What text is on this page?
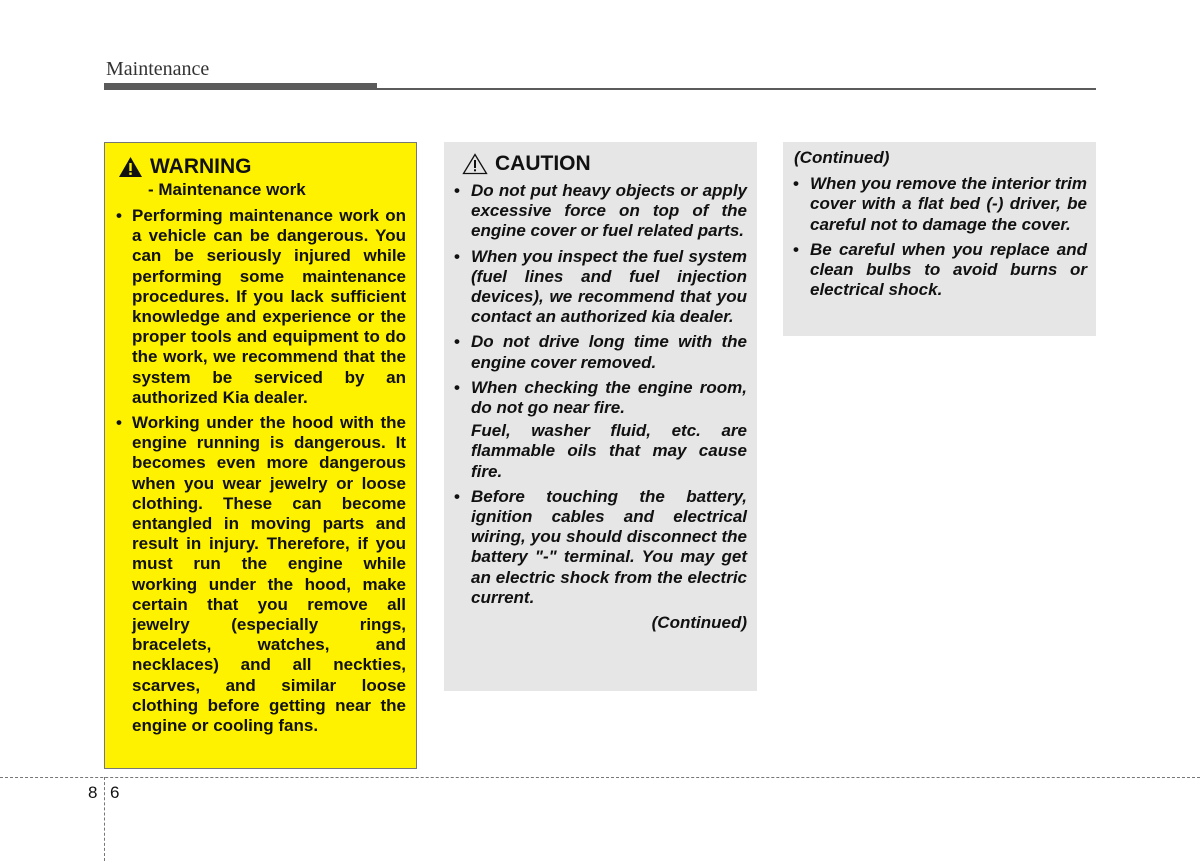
Maintenance
WARNING
- Maintenance work
• Performing maintenance work on a vehicle can be dangerous. You can be seriously injured while performing some maintenance procedures. If you lack sufficient knowledge and experience or the proper tools and equipment to do the work, we recommend that the system be serviced by an authorized Kia dealer.
• Working under the hood with the engine running is dangerous. It becomes even more dangerous when you wear jewelry or loose clothing. These can become entangled in moving parts and result in injury. Therefore, if you must run the engine while working under the hood, make certain that you remove all jewelry (especially rings, bracelets, watches, and necklaces) and all neckties, scarves, and similar loose clothing before getting near the engine or cooling fans.
CAUTION
• Do not put heavy objects or apply excessive force on top of the engine cover or fuel related parts.
• When you inspect the fuel system (fuel lines and fuel injection devices), we recommend that you contact an authorized kia dealer.
• Do not drive long time with the engine cover removed.
• When checking the engine room, do not go near fire.
Fuel, washer fluid, etc. are flammable oils that may cause fire.
• Before touching the battery, ignition cables and electrical wiring, you should disconnect the battery "-" terminal. You may get an electric shock from the electric current.
(Continued)
(Continued)
• When you remove the interior trim cover with a flat bed (-) driver, be careful not to damage the cover.
• Be careful when you replace and clean bulbs to avoid burns or electrical shock.
8 6
